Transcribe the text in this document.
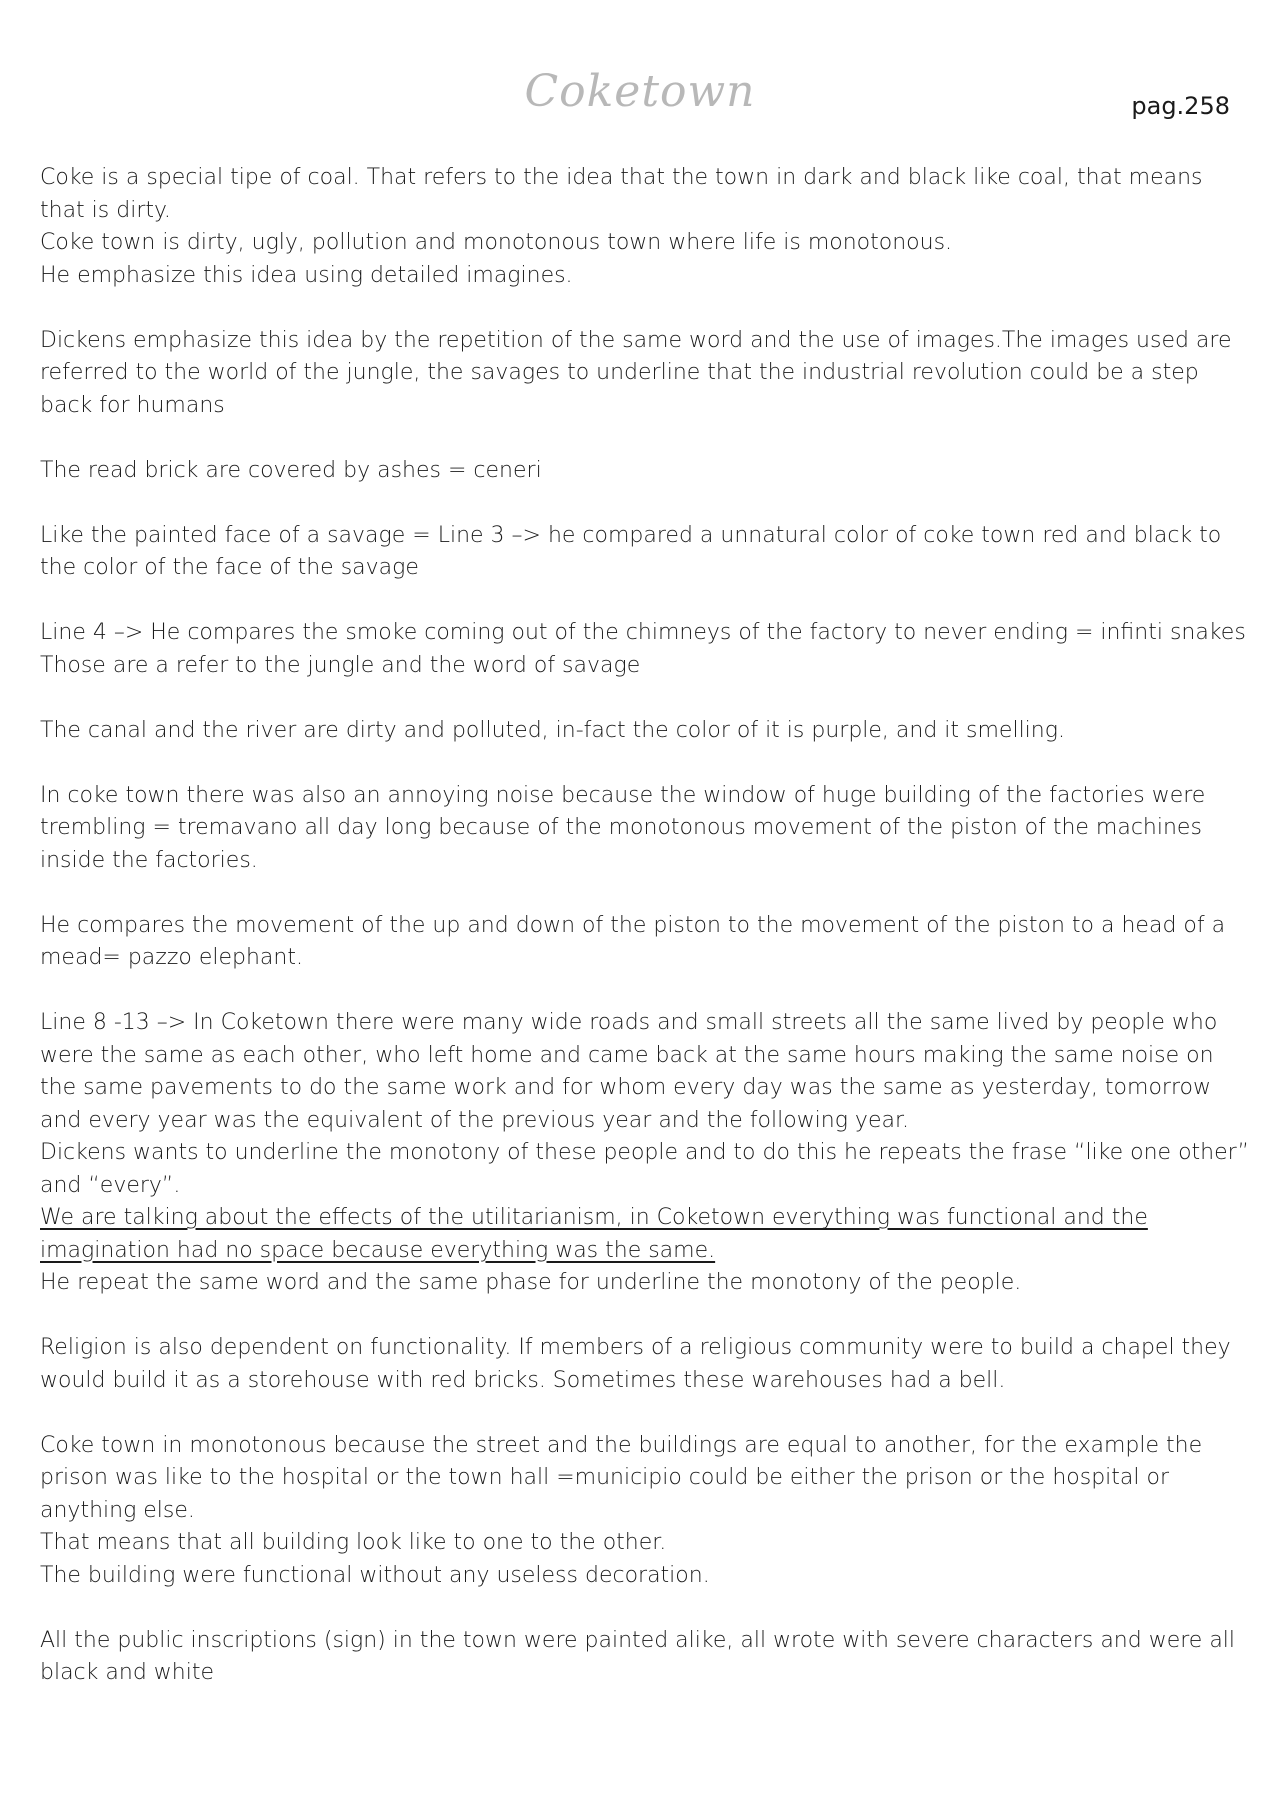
Coketown	pag.258

Coke is a special tipe of coal. That refers to the idea that the town in dark and black like coal, that means that is dirty.

Coke town is dirty, ugly, pollution and monotonous town where life is monotonous.

He emphasize this idea using detailed imagines.

Dickens emphasize this idea by the repetition of the same word and the use of images.The images used are referred to the world of the jungle, the savages to underline that the industrial revolution could be a step back for humans

The read brick are covered by ashes = ceneri

Like the painted face of a savage = Line 3 –> he compared a unnatural color of coke town red and black to the color of the face of the savage

Line 4 –> He compares the smoke coming out of the chimneys of the factory to never ending = infinti snakes

Those are a refer to the jungle and the word of savage

The canal and the river are dirty and polluted, in-fact the color of it is purple, and it smelling.

In coke town there was also an annoying noise because the window of huge building of the factories were trembling = tremavano all day long because of the monotonous movement of the piston of the machines inside the factories.

He compares the movement of the up and down of the piston to the movement of the piston to a head of a mead= pazzo elephant.

Line 8 -13 –> In Coketown there were many wide roads and small streets all the same lived by people who were the same as each other, who left home and came back at the same hours making the same noise on the same pavements to do the same work and for whom every day was the same as yesterday, tomorrow and every year was the equivalent of the previous year and the following year.

Dickens wants to underline the monotony of these people and to do this he repeats the frase “like one other” and “every”.

We are talking about the effects of the utilitarianism, in Coketown everything was functional and the imagination had no space because everything was the same.

He repeat the same word and the same phase for underline the monotony of the people.

Religion is also dependent on functionality. If members of a religious community were to build a chapel they would build it as a storehouse with red bricks. Sometimes these warehouses had a bell.

Coke town in monotonous because the street and the buildings are equal to another, for the example the prison was like to the hospital or the town hall =municipio could be either the prison or the hospital or anything else.

That means that all building look like to one to the other.

The building were functional without any useless decoration.

All the public inscriptions (sign) in the town were painted alike, all wrote with severe characters and were all black and white
